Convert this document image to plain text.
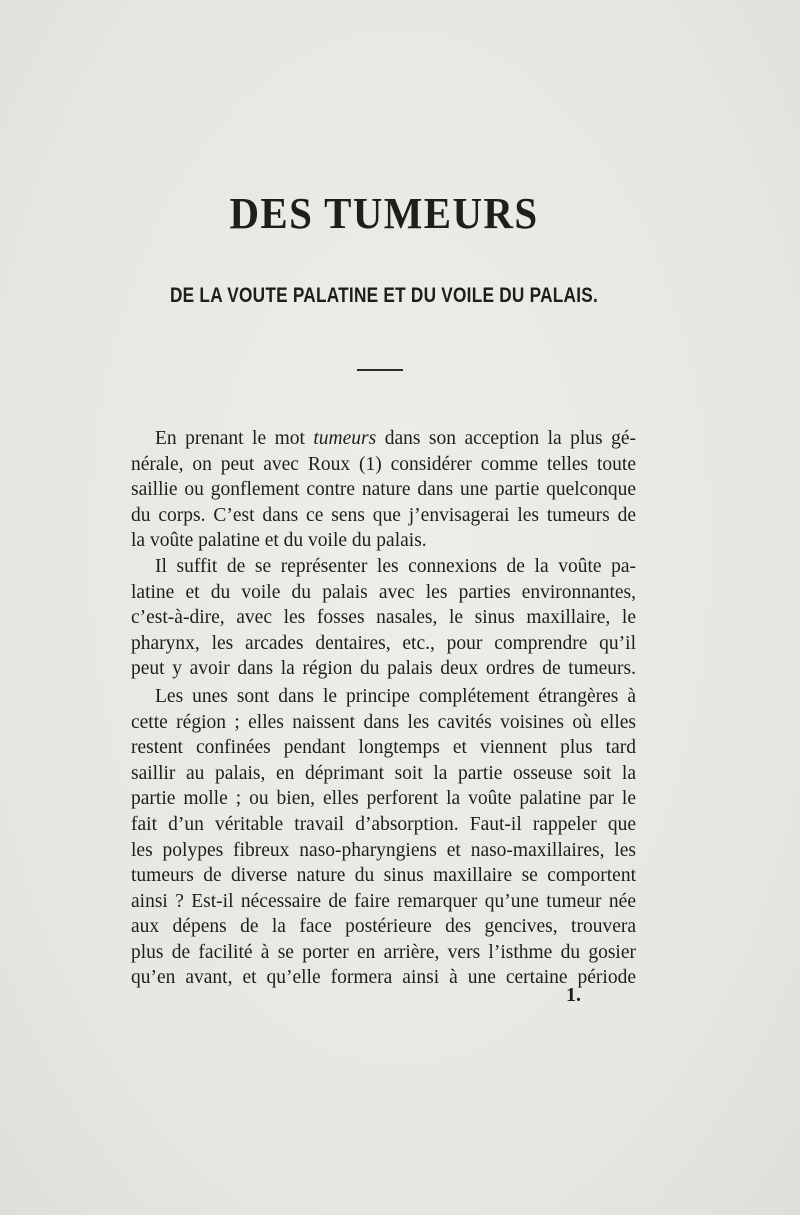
DES TUMEURS
DE LA VOUTE PALATINE ET DU VOILE DU PALAIS.
En prenant le mot tumeurs dans son acception la plus gé-
nérale, on peut avec Roux (1) considérer comme telles toute
saillie ou gonflement contre nature dans une partie quelconque
du corps. C’est dans ce sens que j’envisagerai les tumeurs de
la voûte palatine et du voile du palais.
Il suffit de se représenter les connexions de la voûte pa-
latine et du voile du palais avec les parties environnantes,
c’est-à-dire, avec les fosses nasales, le sinus maxillaire, le
pharynx, les arcades dentaires, etc., pour comprendre qu’il
peut y avoir dans la région du palais deux ordres de tumeurs.
Les unes sont dans le principe complétement étrangères à
cette région ; elles naissent dans les cavités voisines où elles
restent confinées pendant longtemps et viennent plus tard
saillir au palais, en déprimant soit la partie osseuse soit la
partie molle ; ou bien, elles perforent la voûte palatine par le
fait d’un véritable travail d’absorption. Faut-il rappeler que
les polypes fibreux naso-pharyngiens et naso-maxillaires, les
tumeurs de diverse nature du sinus maxillaire se comportent
ainsi ? Est-il nécessaire de faire remarquer qu’une tumeur née
aux dépens de la face postérieure des gencives, trouvera
plus de facilité à se porter en arrière, vers l’isthme du gosier
qu’en avant, et qu’elle formera ainsi à une certaine période
1.
